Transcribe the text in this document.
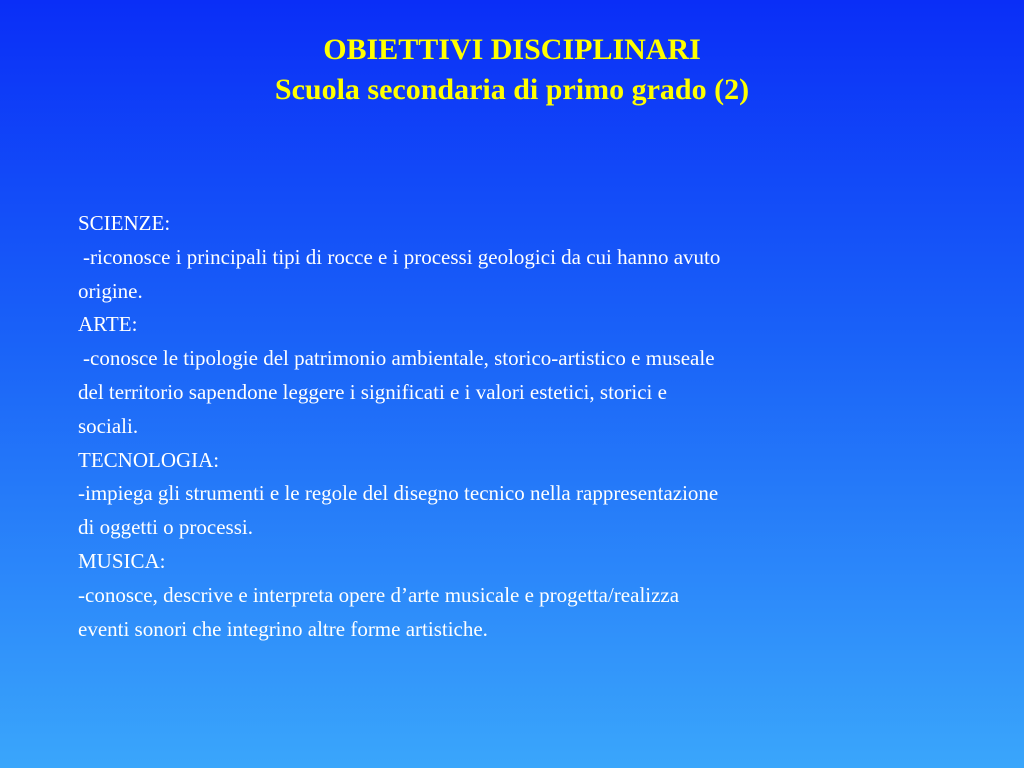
OBIETTIVI DISCIPLINARI
Scuola secondaria di primo grado (2)
SCIENZE:
-riconosce i principali tipi di rocce e i processi geologici da cui hanno avuto
origine.
ARTE:
-conosce le tipologie del patrimonio ambientale, storico-artistico e museale
del territorio sapendone leggere i significati e i valori estetici, storici e
sociali.
TECNOLOGIA:
-impiega gli strumenti e le regole del disegno tecnico nella rappresentazione
di oggetti o processi.
MUSICA:
-conosce, descrive e interpreta opere d’arte musicale e progetta/realizza
eventi sonori che integrino altre forme artistiche.
